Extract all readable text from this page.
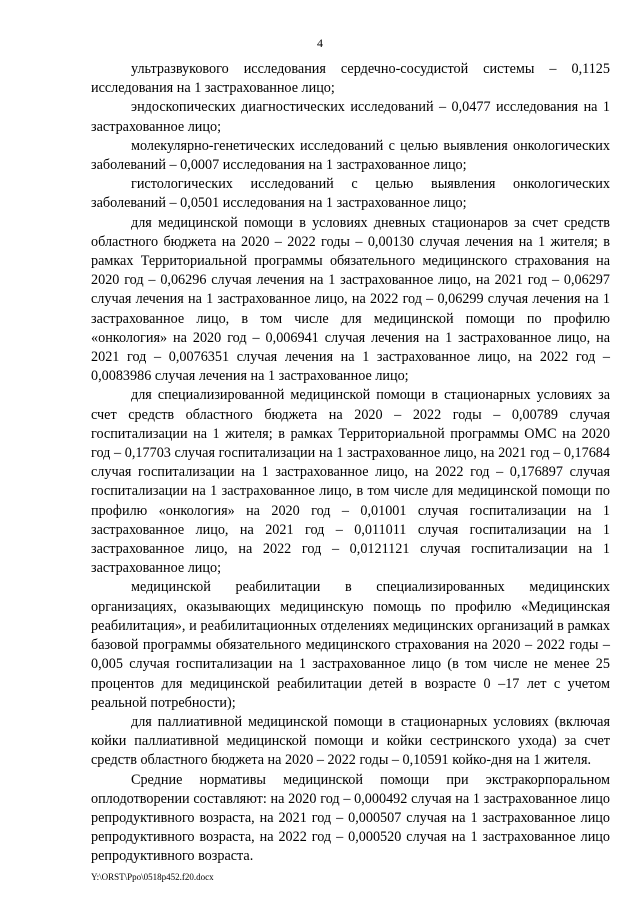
4

ультразвукового исследования сердечно-сосудистой системы – 0,1125 исследования на 1 застрахованное лицо;

эндоскопических диагностических исследований – 0,0477 исследования на 1 застрахованное лицо;

молекулярно-генетических исследований с целью выявления онкологических заболеваний – 0,0007 исследования на 1 застрахованное лицо;

гистологических исследований с целью выявления онкологических заболеваний – 0,0501 исследования на 1 застрахованное лицо;

для медицинской помощи в условиях дневных стационаров за счет средств областного бюджета на 2020 – 2022 годы – 0,00130 случая лечения на 1 жителя; в рамках Территориальной программы обязательного медицинского страхования на 2020 год – 0,06296 случая лечения на 1 застрахованное лицо, на 2021 год – 0,06297 случая лечения на 1 застрахованное лицо, на 2022 год – 0,06299 случая лечения на 1 застрахованное лицо, в том числе для медицинской помощи по профилю «онкология» на 2020 год – 0,006941 случая лечения на 1 застрахованное лицо, на 2021 год – 0,0076351 случая лечения на 1 застрахованное лицо, на 2022 год – 0,0083986 случая лечения на 1 застрахованное лицо;

для специализированной медицинской помощи в стационарных условиях за счет средств областного бюджета на 2020 – 2022 годы – 0,00789 случая госпитализации на 1 жителя; в рамках Территориальной программы ОМС на 2020 год – 0,17703 случая госпитализации на 1 застрахованное лицо, на 2021 год – 0,17684 случая госпитализации на 1 застрахованное лицо, на 2022 год – 0,176897 случая госпитализации на 1 застрахованное лицо, в том числе для медицинской помощи по профилю «онкология» на 2020 год – 0,01001 случая госпитализации на 1 застрахованное лицо, на 2021 год – 0,011011 случая госпитализации на 1 застрахованное лицо, на 2022 год – 0,0121121 случая госпитализации на 1 застрахованное лицо;

медицинской реабилитации в специализированных медицинских организациях, оказывающих медицинскую помощь по профилю «Медицинская реабилитация», и реабилитационных отделениях медицинских организаций в рамках базовой программы обязательного медицинского страхования на 2020 – 2022 годы – 0,005 случая госпитализации на 1 застрахованное лицо (в том числе не менее 25 процентов для медицинской реабилитации детей в возрасте 0 –17 лет с учетом реальной потребности);

для паллиативной медицинской помощи в стационарных условиях (включая койки паллиативной медицинской помощи и койки сестринского ухода) за счет средств областного бюджета на 2020 – 2022 годы – 0,10591 койко-дня на 1 жителя.

Средние нормативы медицинской помощи при экстракорпоральном оплодотворении составляют: на 2020 год – 0,000492 случая на 1 застрахованное лицо репродуктивного возраста, на 2021 год – 0,000507 случая на 1 застрахованное лицо репродуктивного возраста, на 2022 год – 0,000520 случая на 1 застрахованное лицо репродуктивного возраста.

Y:\ORST\Ppo\0518p452.f20.docx
